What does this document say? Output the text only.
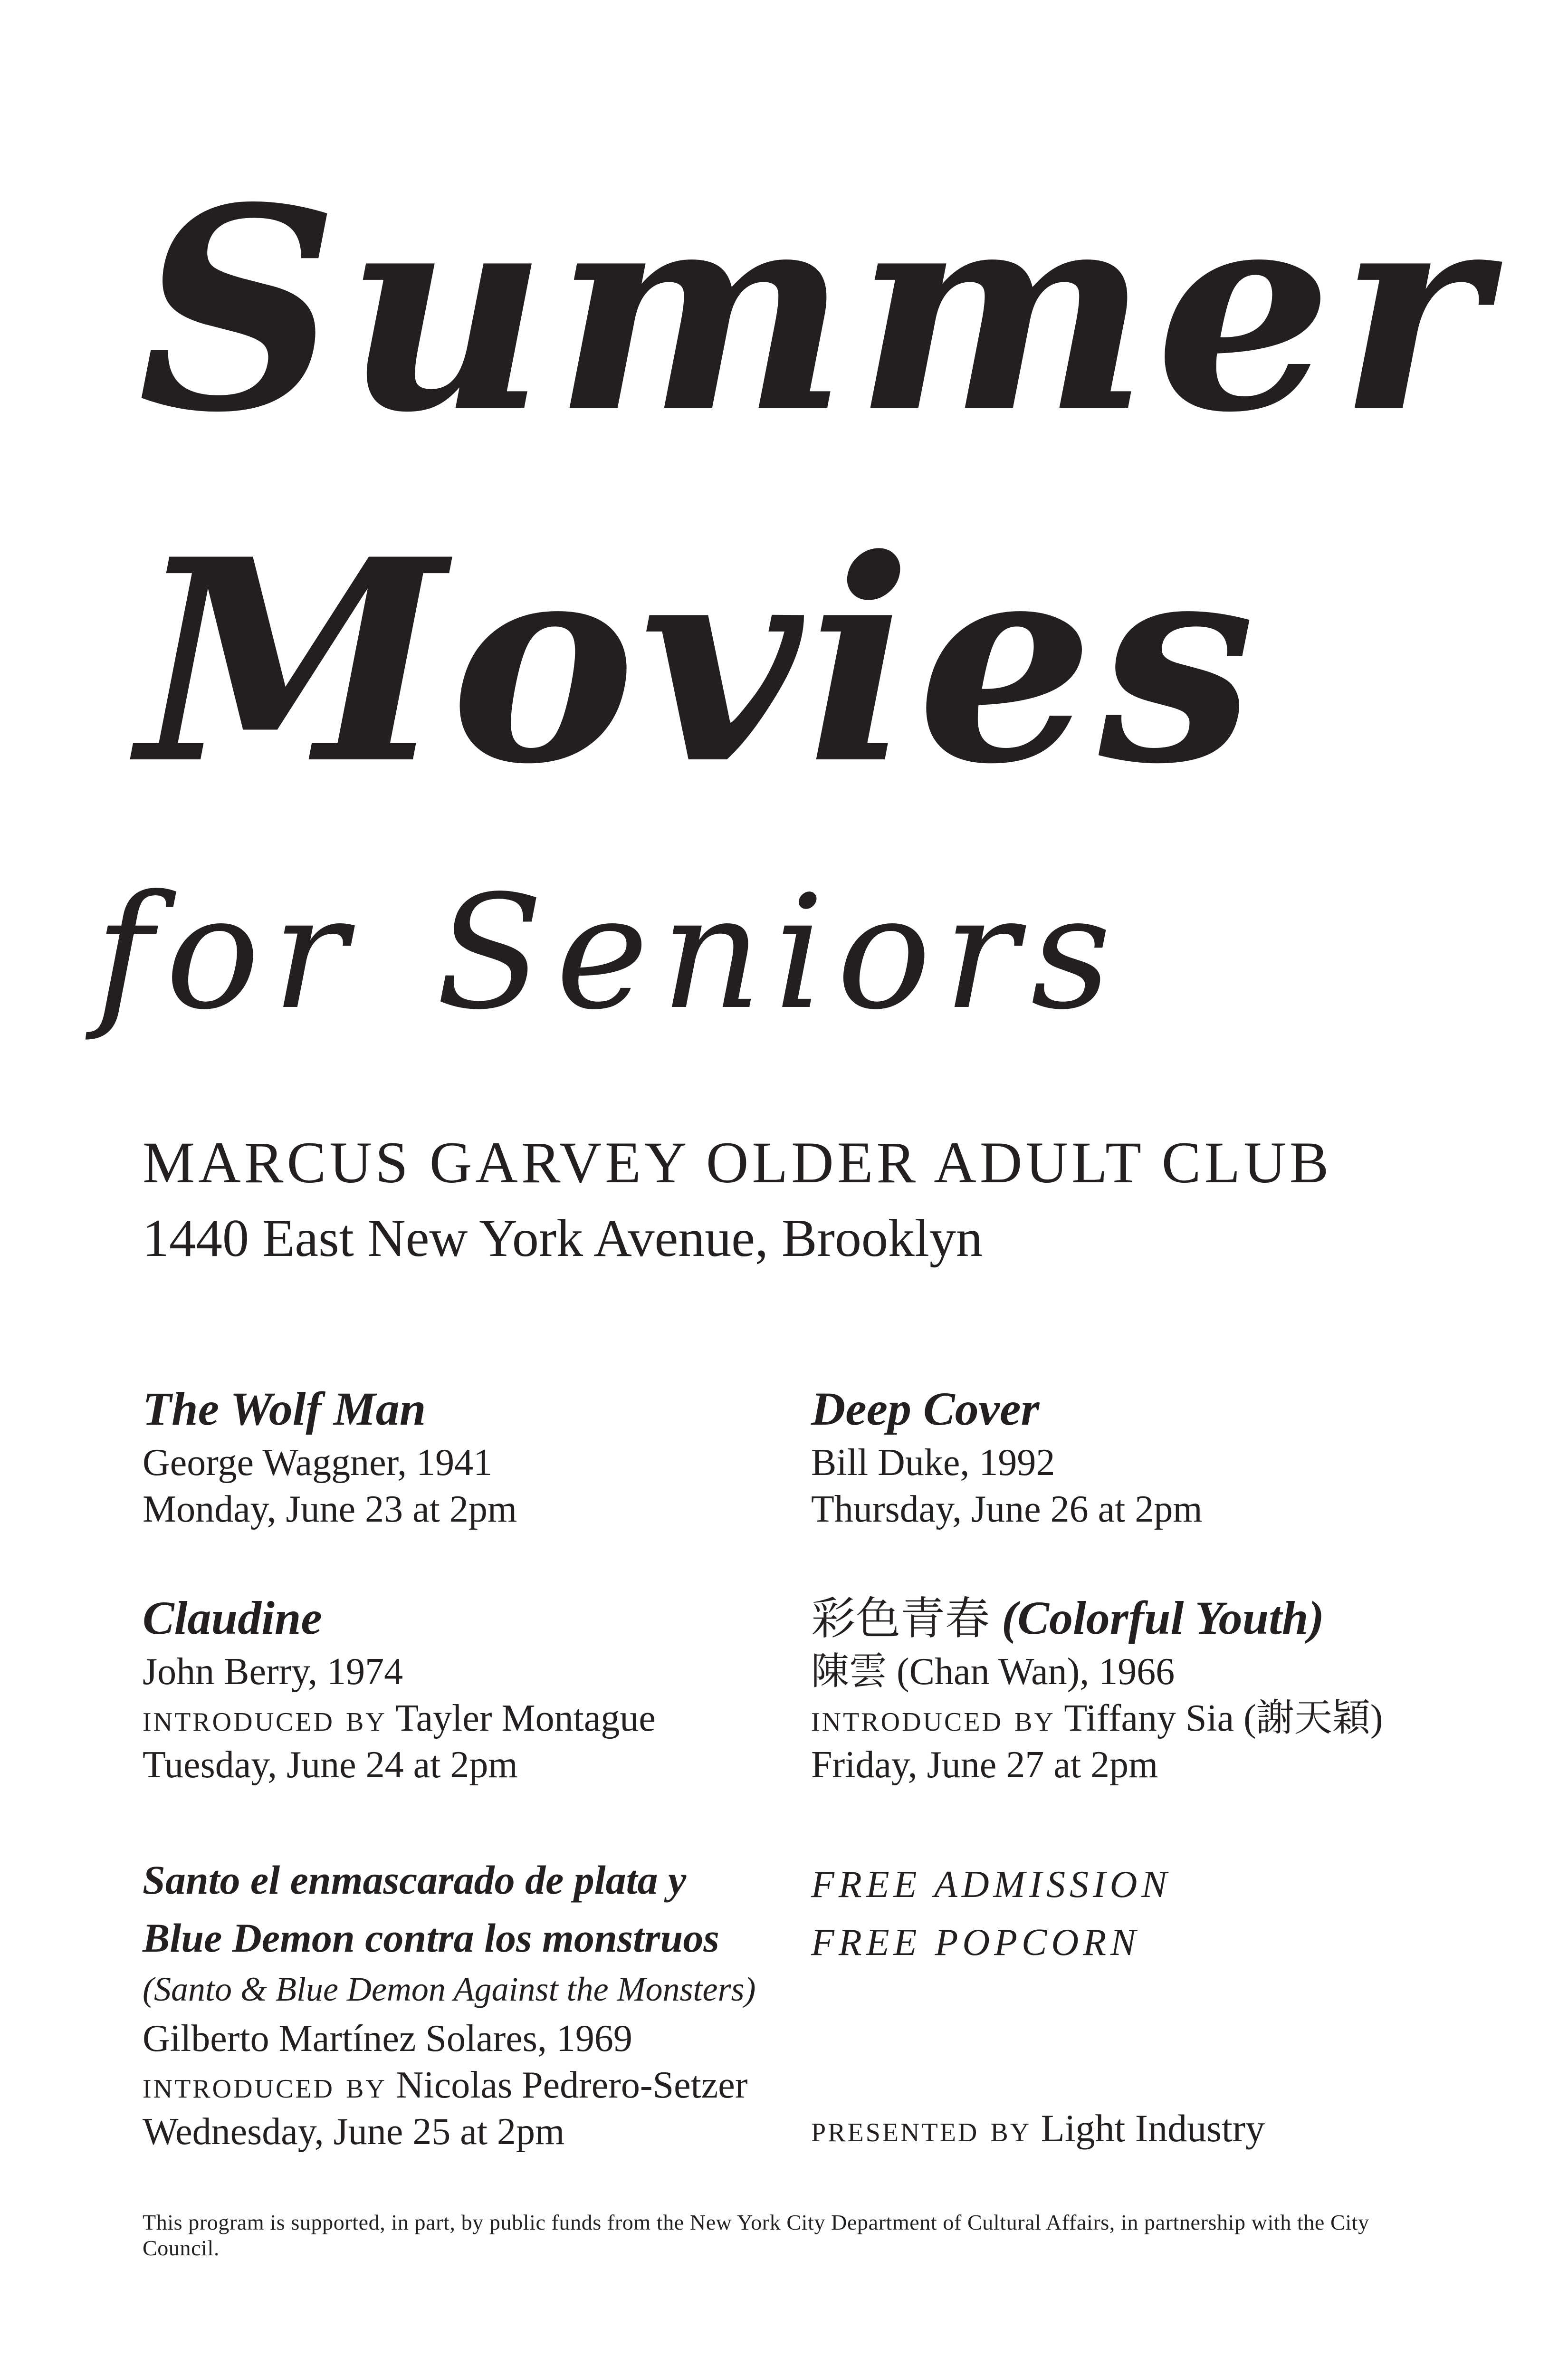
Summer
Movies
for Seniors
MARCUS GARVEY OLDER ADULT CLUB
1440 East New York Avenue, Brooklyn

The Wolf Man

George Waggner, 1941

Monday, June 23 at 2pm

Claudine

John Berry, 1974

introduced by Tayler Montague

Tuesday, June 24 at 2pm

Santo el enmascarado de plata y

Blue Demon contra los monstruos

(Santo & Blue Demon Against the Monsters)

Gilberto Martínez Solares, 1969

introduced by Nicolas Pedrero-Setzer

Wednesday, June 25 at 2pm

Deep Cover

Bill Duke, 1992

Thursday, June 26 at 2pm

彩色青春 (Colorful Youth)

陳雲 (Chan Wan), 1966

introduced by Tiffany Sia (謝天穎)

Friday, June 27 at 2pm

FREE ADMISSION

FREE POPCORN

presented by Light Industry

This program is supported, in part, by public funds from the New York City Department of Cultural Affairs, in partnership with the City Council.
